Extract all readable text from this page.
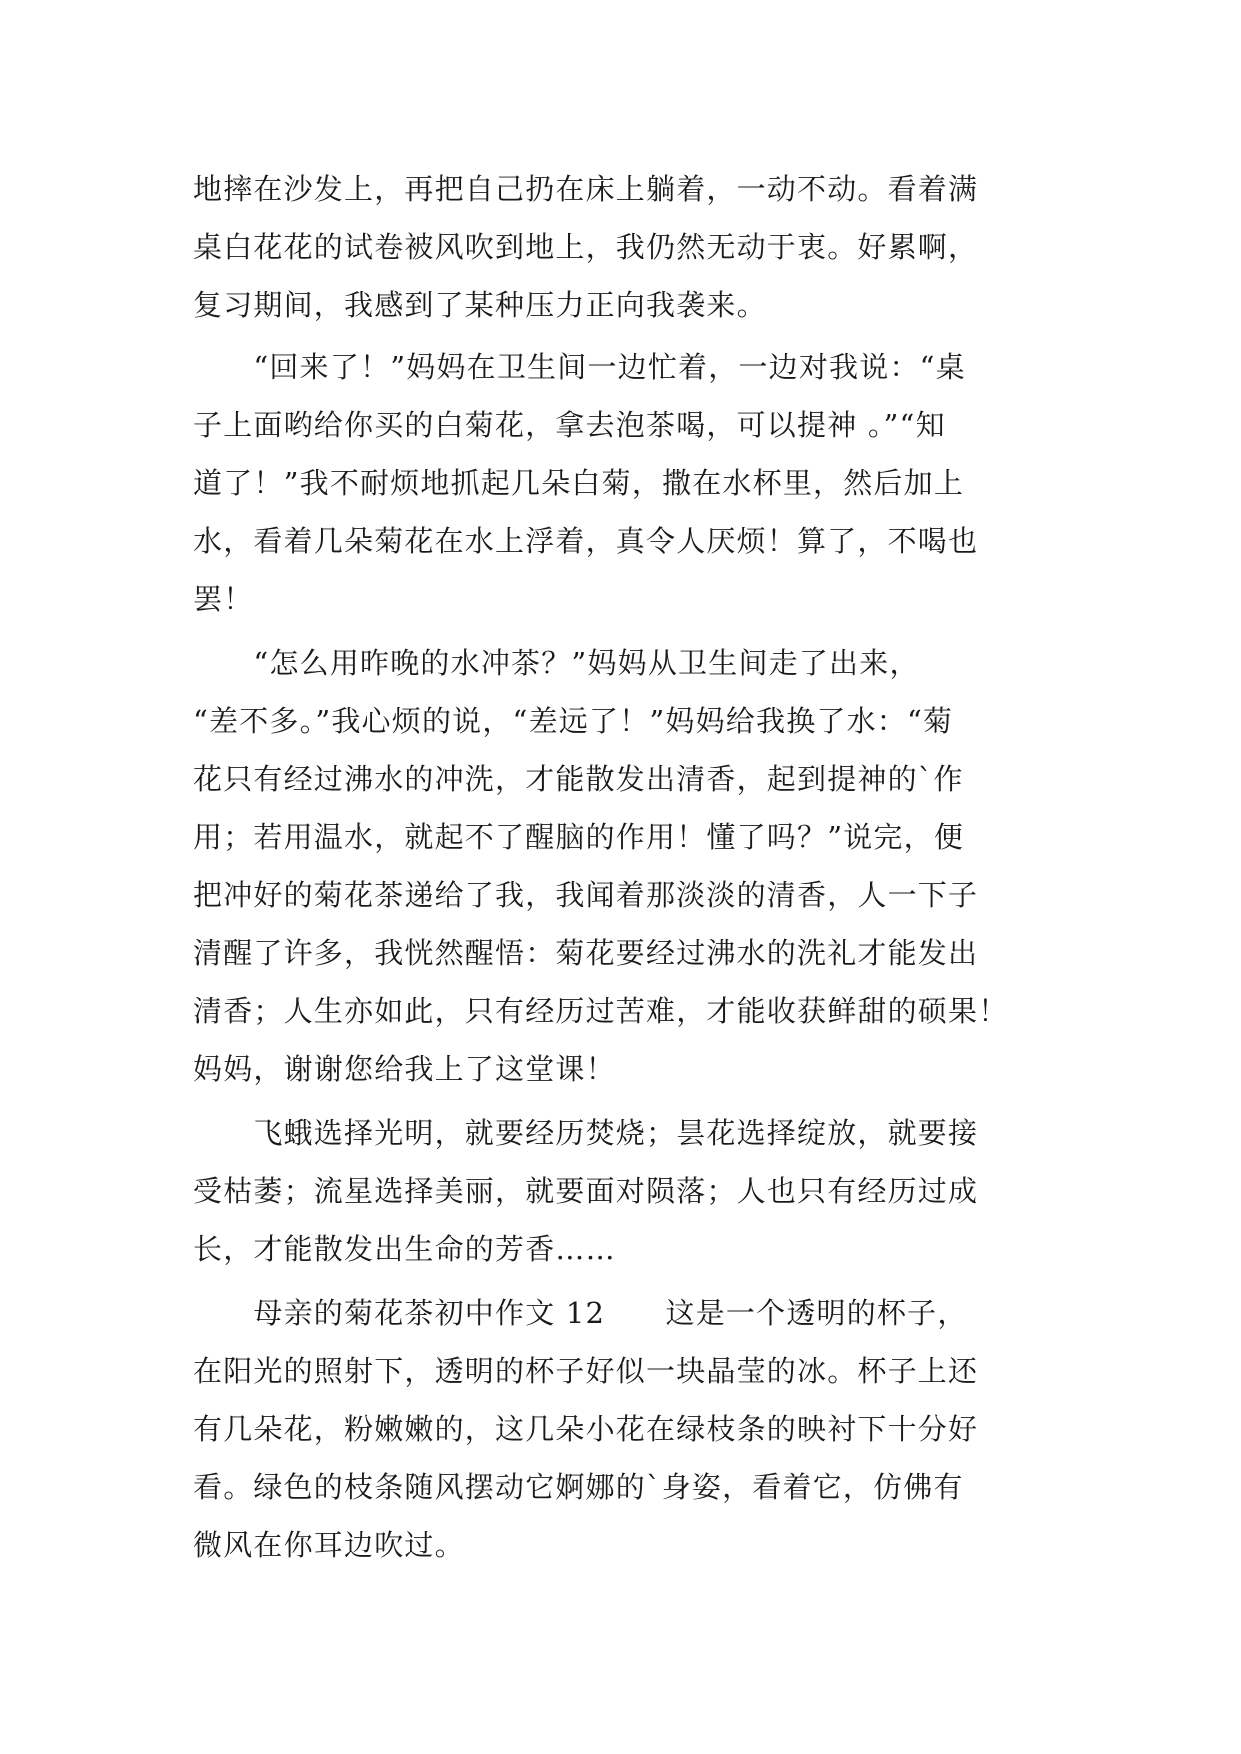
地摔在沙发上，再把自己扔在床上躺着，一动不动。看着满
桌白花花的试卷被风吹到地上，我仍然无动于衷。好累啊，
复习期间，我感到了某种压力正向我袭来。
　　“回来了！”妈妈在卫生间一边忙着，一边对我说：“桌
子上面哟给你买的白菊花，拿去泡茶喝，可以提神 。”“知
道了！”我不耐烦地抓起几朵白菊，撒在水杯里，然后加上
水，看着几朵菊花在水上浮着，真令人厌烦！算了，不喝也
罢！
　　“怎么用昨晚的水冲茶？”妈妈从卫生间走了出来，
“差不多。”我心烦的说，“差远了！”妈妈给我换了水：“菊
花只有经过沸水的冲洗，才能散发出清香，起到提神的`作
用；若用温水，就起不了醒脑的作用！懂了吗？”说完，便
把冲好的菊花茶递给了我，我闻着那淡淡的清香，人一下子
清醒了许多，我恍然醒悟：菊花要经过沸水的洗礼才能发出
清香；人生亦如此，只有经历过苦难，才能收获鲜甜的硕果！
妈妈，谢谢您给我上了这堂课！
　　飞蛾选择光明，就要经历焚烧；昙花选择绽放，就要接
受枯萎；流星选择美丽，就要面对陨落；人也只有经历过成
长，才能散发出生命的芳香……
　　母亲的菊花茶初中作文 12　　这是一个透明的杯子，
在阳光的照射下，透明的杯子好似一块晶莹的冰。杯子上还
有几朵花，粉嫩嫩的，这几朵小花在绿枝条的映衬下十分好
看。绿色的枝条随风摆动它婀娜的`身姿，看着它，仿佛有
微风在你耳边吹过。
